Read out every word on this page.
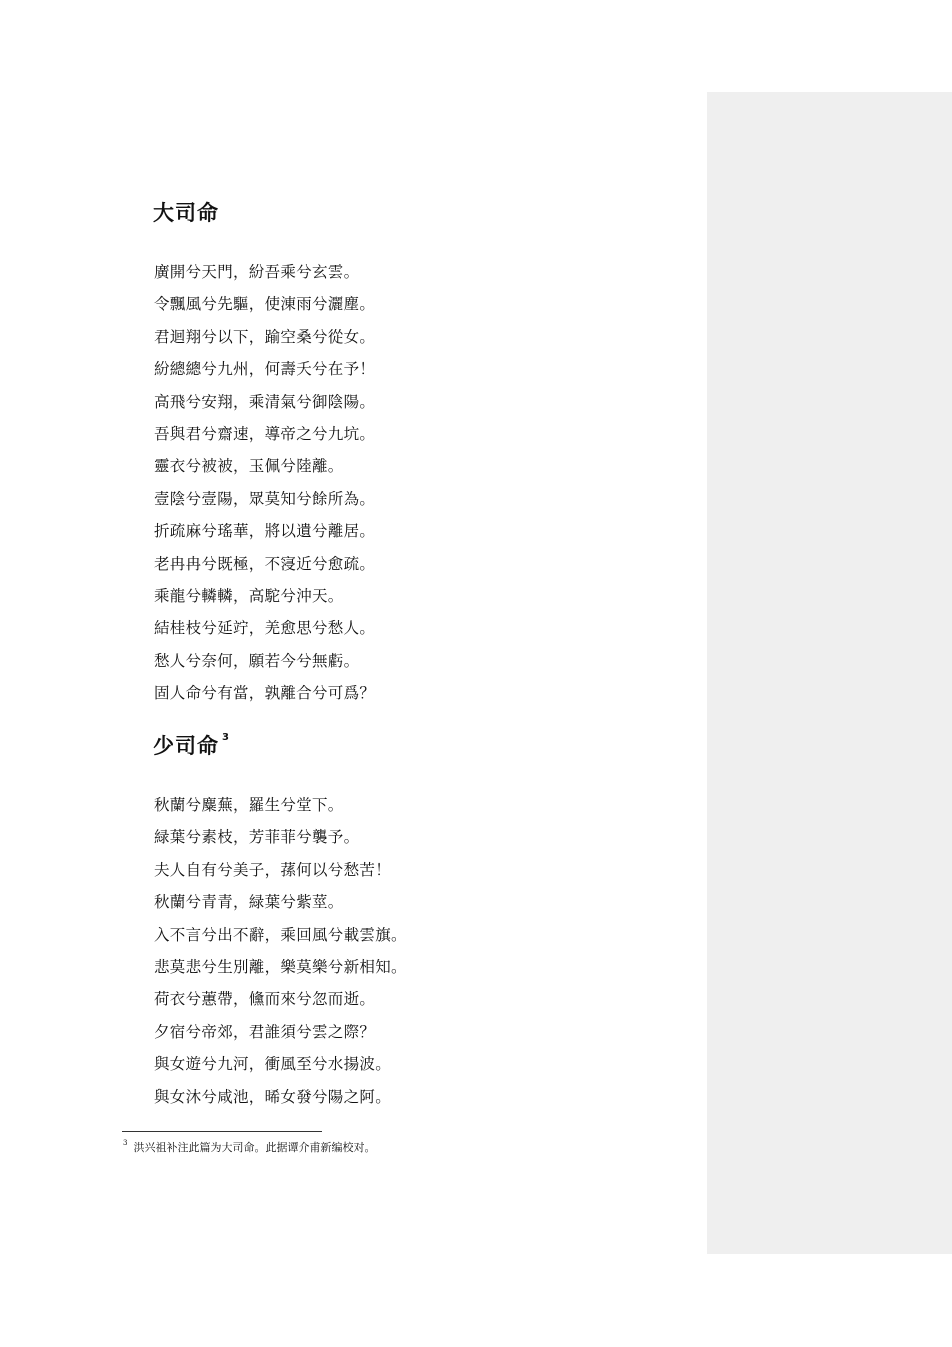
大司命
廣開兮天門，紛吾乘兮玄雲。
令飄風兮先驅，使涷雨兮灑塵。
君迴翔兮以下，踰空桑兮從女。
紛總總兮九州，何壽夭兮在予！
高飛兮安翔，乘清氣兮御陰陽。
吾與君兮齋速，導帝之兮九坑。
靈衣兮被被，玉佩兮陸離。
壹陰兮壹陽，眾莫知兮餘所為。
折疏麻兮瑤華，將以遺兮離居。
老冉冉兮既極，不寖近兮愈疏。
乘龍兮轔轔，高駝兮沖天。
結桂枝兮延竚，羌愈思兮愁人。
愁人兮奈何，願若今兮無虧。
固人命兮有當，孰離合兮可爲？
少司命 $^3$
秋蘭兮麋蕪，羅生兮堂下。
緑葉兮素枝，芳菲菲兮襲予。
夫人自有兮美子，蓀何以兮愁苦！
秋蘭兮青青，緑葉兮紫莖。
入不言兮出不辭，乘回風兮載雲旗。
悲莫悲兮生別離，樂莫樂兮新相知。
荷衣兮蕙帶，儵而來兮忽而逝。
夕宿兮帝郊，君誰須兮雲之際？
與女遊兮九河，衝風至兮水揚波。
與女沐兮咸池，晞女發兮陽之阿。
$^3$ 洪兴祖补注此篇为大司命。此据谭介甫新编校对。
